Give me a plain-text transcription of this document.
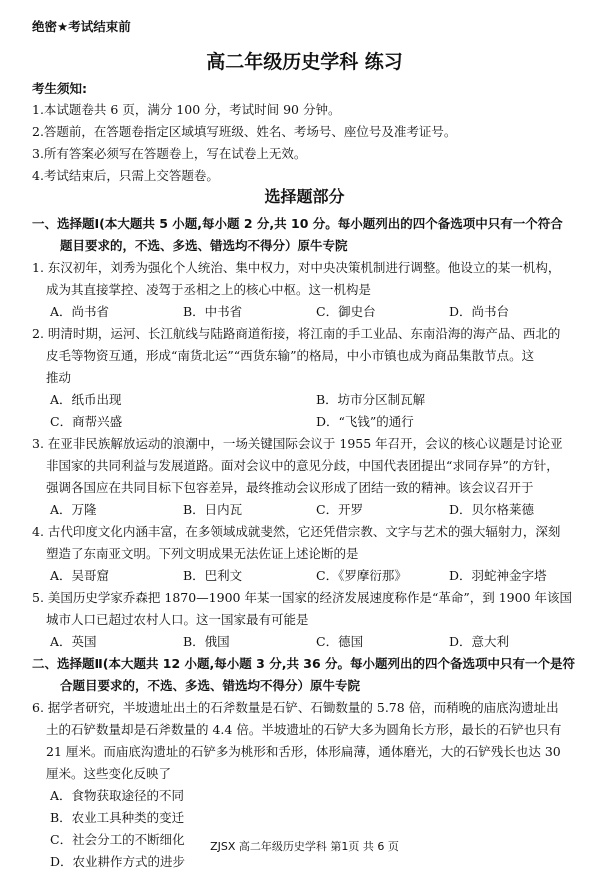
绝密★考试结束前
高二年级历史学科 练习
考生须知:
1.本试题卷共 6 页，满分 100 分，考试时间 90 分钟。
2.答题前，在答题卷指定区域填写班级、姓名、考场号、座位号及准考证号。
3.所有答案必须写在答题卷上，写在试卷上无效。
4.考试结束后，只需上交答题卷。
选择题部分
一、选择题Ⅰ(本大题共 5 小题,每小题 2 分,共 10 分。每小题列出的四个备选项中只有一个符合
题目要求的，不选、多选、错选均不得分）原牛专院
1. 东汉初年，刘秀为强化个人统治、集中权力，对中央决策机制进行调整。他设立的某一机构，
成为其直接掌控、凌驾于丞相之上的核心中枢。这一机构是
A．尚书省	B．中书省	C．御史台	D．尚书台
2. 明清时期，运河、长江航线与陆路商道衔接，将江南的手工业品、东南沿海的海产品、西北的
皮毛等物资互通，形成“南货北运”“西货东输”的格局，中小市镇也成为商品集散节点。这
推动
A．纸币出现	B．坊市分区制瓦解
C．商帮兴盛	D．“飞钱”的通行
3. 在亚非民族解放运动的浪潮中，一场关键国际会议于 1955 年召开，会议的核心议题是讨论亚
非国家的共同利益与发展道路。面对会议中的意见分歧，中国代表团提出“求同存异”的方针，
强调各国应在共同目标下包容差异，最终推动会议形成了团结一致的精神。该会议召开于
A．万隆	B．日内瓦	C．开罗	D．贝尔格莱德
4. 古代印度文化内涵丰富，在多领域成就斐然，它还凭借宗教、文字与艺术的强大辐射力，深刻
塑造了东南亚文明。下列文明成果无法佐证上述论断的是
A．吴哥窟	B．巴利文	C．《罗摩衍那》	D．羽蛇神金字塔
5. 美国历史学家乔森把 1870—1900 年某一国家的经济发展速度称作是“革命”，到 1900 年该国
城市人口已超过农村人口。这一国家最有可能是
A．英国	B．俄国	C．德国	D．意大利
二、选择题Ⅱ(本大题共 12 小题,每小题 3 分,共 36 分。每小题列出的四个备选项中只有一个是符
合题目要求的，不选、多选、错选均不得分）原牛专院
6. 据学者研究，半坡遗址出土的石斧数量是石铲、石锄数量的 5.78 倍，而稍晚的庙底沟遗址出
土的石铲数量却是石斧数量的 4.4 倍。半坡遗址的石铲大多为圆角长方形，最长的石铲也只有
21 厘米。而庙底沟遗址的石铲多为桃形和舌形，体形扁薄，通体磨光，大的石铲残长也达 30
厘米。这些变化反映了
A．食物获取途径的不同
B．农业工具种类的变迁
C．社会分工的不断细化
D．农业耕作方式的进步
ZJSX 高二年级历史学科 第1页 共 6 页
